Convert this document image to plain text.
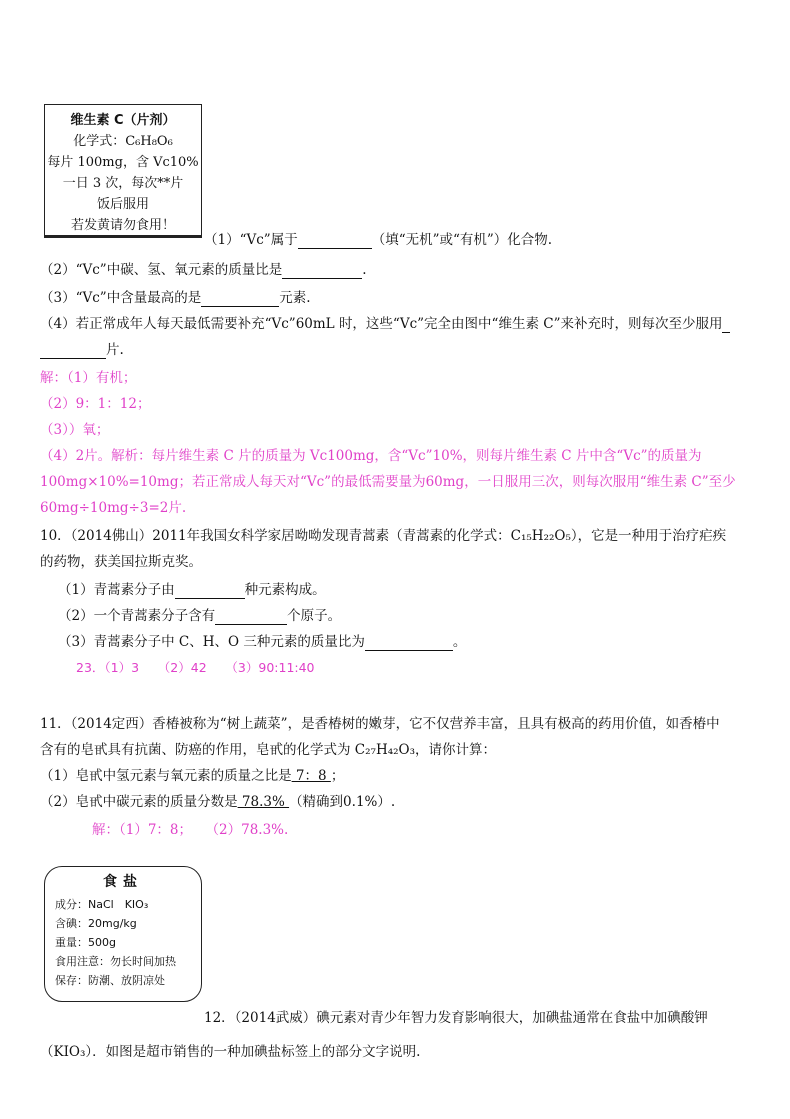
维生素 C（片剂）
化学式：C₆H₈O₆
每片 100mg，含 Vc10%
一日 3 次，每次**片
饭后服用
若发黄请勿食用！
（1）“Vc”属于	（填“无机”或“有机”）化合物.
（2）“Vc”中碳、氢、氧元素的质量比是	.
（3）“Vc”中含量最高的是	元素.
（4）若正常成年人每天最低需要补充“Vc”60mL 时，这些“Vc”完全由图中“维生素 C”来补充时，则每次至少服用
片.
解：（1）有机；
（2）9：1：12；
（3））氧；
（4）2片。解析：每片维生素 C 片的质量为 Vc100mg，含“Vc”10%，则每片维生素 C 片中含“Vc”的质量为
100mg×10%=10mg；若正常成人每天对“Vc”的最低需要量为60mg，一日服用三次，则每次服用“维生素 C”至少
60mg÷10mg÷3=2片.
10．（2014佛山）2011年我国女科学家居呦呦发现青蒿素（青蒿素的化学式：C₁₅H₂₂O₅），它是一种用于治疗疟疾
的药物，获美国拉斯克奖。
（1）青蒿素分子由	种元素构成。
（2）一个青蒿素分子含有	个原子。
（3）青蒿素分子中 C、H、O 三种元素的质量比为	。
23．（1）3　　（2）42　　（3）90:11:40
11．（2014定西）香椿被称为“树上蔬菜”，是香椿树的嫩芽，它不仅营养丰富，且具有极高的药用价值，如香椿中
含有的皂甙具有抗菌、防癌的作用，皂甙的化学式为 C₂₇H₄₂O₃，请你计算：
（1）皂甙中氢元素与氧元素的质量之比是 7：8 ；
（2）皂甙中碳元素的质量分数是 78.3% （精确到0.1%）.
解：（1）7：8；　　（2）78.3%.
食盐
成分：NaCl　KIO₃
含碘：20mg/kg
重量：500g
食用注意：勿长时间加热
保存：防潮、放阴凉处
12．（2014武威）碘元素对青少年智力发育影响很大，加碘盐通常在食盐中加碘酸钾
（KIO₃）．如图是超市销售的一种加碘盐标签上的部分文字说明.
